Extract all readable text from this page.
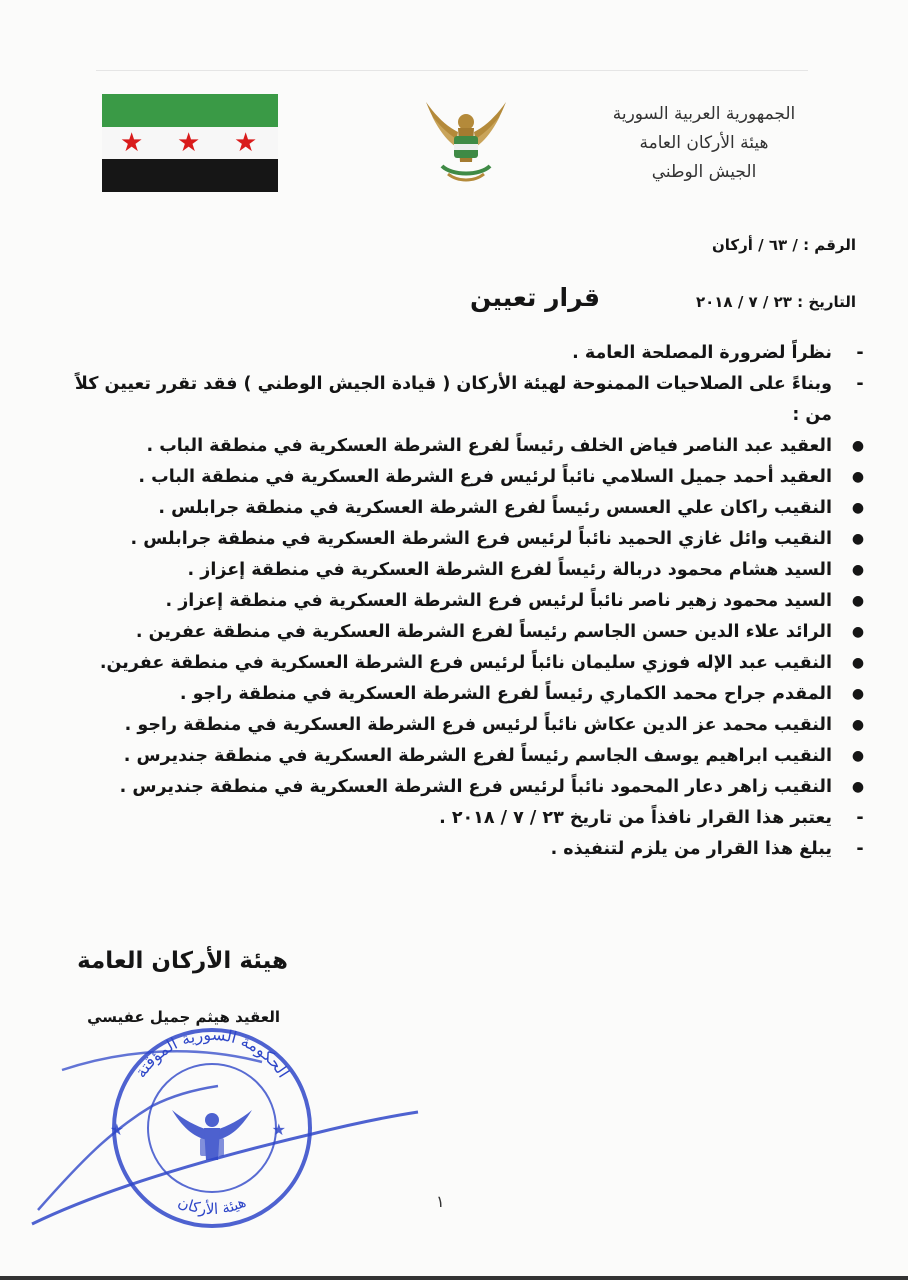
★ ★ ★
الجمهورية العربية السورية
هيئة الأركان العامة
الجيش الوطني
الرقم : / ٦٣ / أركان
قرار تعيين	التاريخ : ٢٣ / ٧ / ٢٠١٨
-
نظراً لضرورة المصلحة العامة .
-
وبناءً على الصلاحيات الممنوحة لهيئة الأركان ( قيادة الجيش الوطني ) فقد تقرر تعيين كلاً من :
●
العقيد عبد الناصر فياض الخلف رئيساً لفرع الشرطة العسكرية في منطقة الباب .
●
العقيد أحمد جميل السلامي نائباً لرئيس فرع الشرطة العسكرية في منطقة الباب .
●
النقيب راكان علي العسس رئيساً لفرع الشرطة العسكرية في منطقة جرابلس .
●
النقيب وائل غازي الحميد نائباً لرئيس فرع الشرطة العسكرية في منطقة جرابلس .
●
السيد هشام محمود دربالة رئيساً لفرع الشرطة العسكرية في منطقة إعزاز .
●
السيد محمود زهير ناصر نائباً لرئيس فرع الشرطة العسكرية في منطقة إعزاز .
●
الرائد علاء الدين حسن الجاسم رئيساً لفرع الشرطة العسكرية في منطقة عفرين .
●
النقيب عبد الإله فوزي سليمان نائباً لرئيس فرع الشرطة العسكرية في منطقة عفرين.
●
المقدم جراح محمد الكماري رئيساً لفرع الشرطة العسكرية في منطقة راجو .
●
النقيب محمد عز الدين عكاش نائباً لرئيس فرع الشرطة العسكرية في منطقة راجو .
●
النقيب ابراهيم يوسف الجاسم رئيساً لفرع الشرطة العسكرية في منطقة جنديرس .
●
النقيب زاهر دعار المحمود نائباً لرئيس فرع الشرطة العسكرية في منطقة جنديرس .
-
يعتبر هذا القرار نافذاً من تاريخ ٢٣ / ٧ / ٢٠١٨ .
-
يبلغ هذا القرار من يلزم لتنفيذه .
هيئة الأركان العامة
العقيد هيثم جميل عفيسي
★	★
الحكومة السورية المؤقتة
هيئة الأركان	١
